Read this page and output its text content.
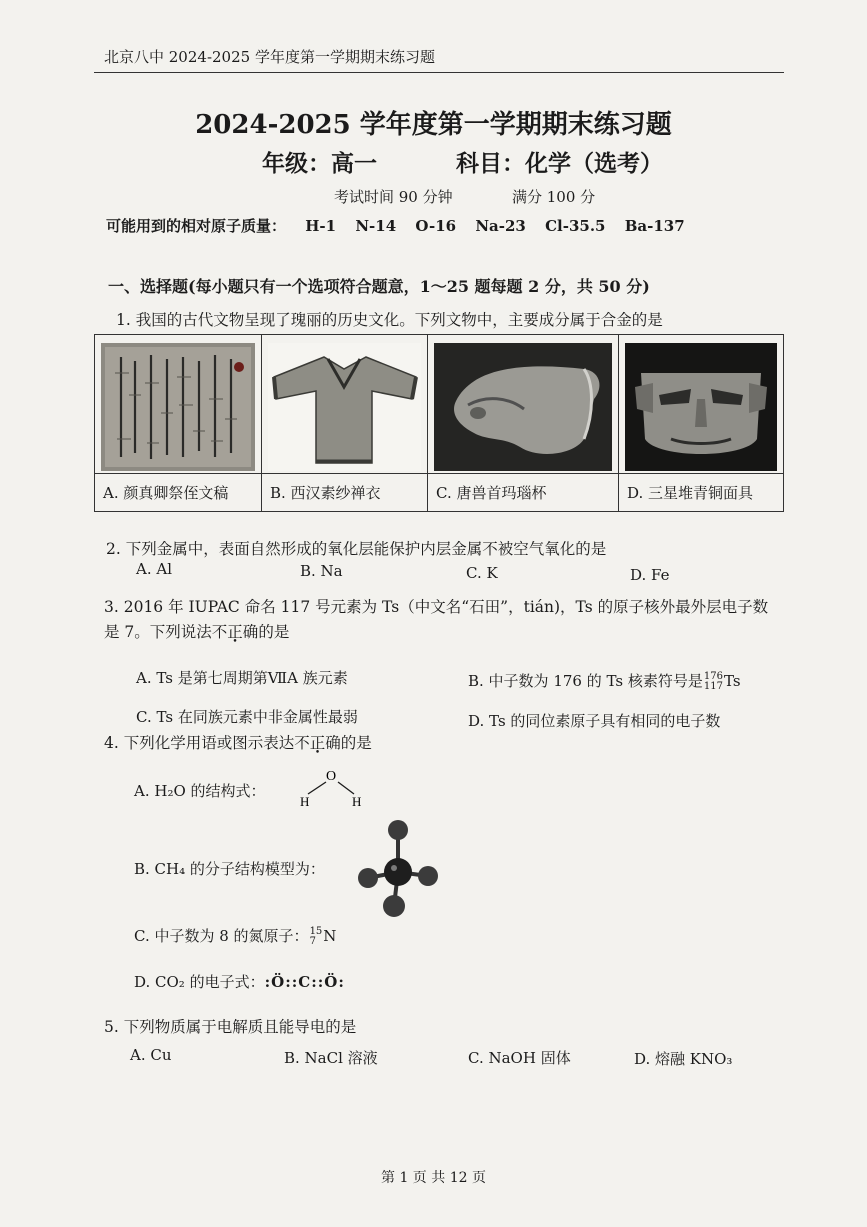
北京八中 2024-2025 学年度第一学期期末练习题
2024-2025 学年度第一学期期末练习题
年级：高一	科目：化学（选考）
考试时间 90 分钟	满分 100 分
可能用到的相对原子质量： H-1 N-14 O-16 Na-23 Cl-35.5 Ba-137
一、选择题(每小题只有一个选项符合题意，1～25 题每题 2 分，共 50 分)
1. 我国的古代文物呈现了瑰丽的历史文化。下列文物中，主要成分属于合金的是
A. 颜真卿祭侄文稿	B. 西汉素纱禅衣	C. 唐兽首玛瑙杯	D. 三星堆青铜面具
2. 下列金属中，表面自然形成的氧化层能保护内层金属不被空气氧化的是
A. Al	B. Na	C. K	D. Fe
3. 2016 年 IUPAC 命名 117 号元素为 Ts（中文名“石田”，tián)，Ts 的原子核外最外层电子数
是 7。下列说法不正确的是
A. Ts 是第七周期第ⅦA 族元素	B. 中子数为 176 的 Ts 核素符号是 176
117 Ts
C. Ts 在同族元素中非金属性最弱	D. Ts 的同位素原子具有相同的电子数
4. 下列化学用语或图示表达不正确的是
A. H₂O 的结构式：
O
H	H
B. CH₄ 的分子结构模型为：
C. 中子数为 8 的氮原子： 15
7 N
D. CO₂ 的电子式：:Ö::C::Ö:
5. 下列物质属于电解质且能导电的是
A. Cu	B. NaCl 溶液	C. NaOH 固体	D. 熔融 KNO₃
第 1 页 共 12 页
